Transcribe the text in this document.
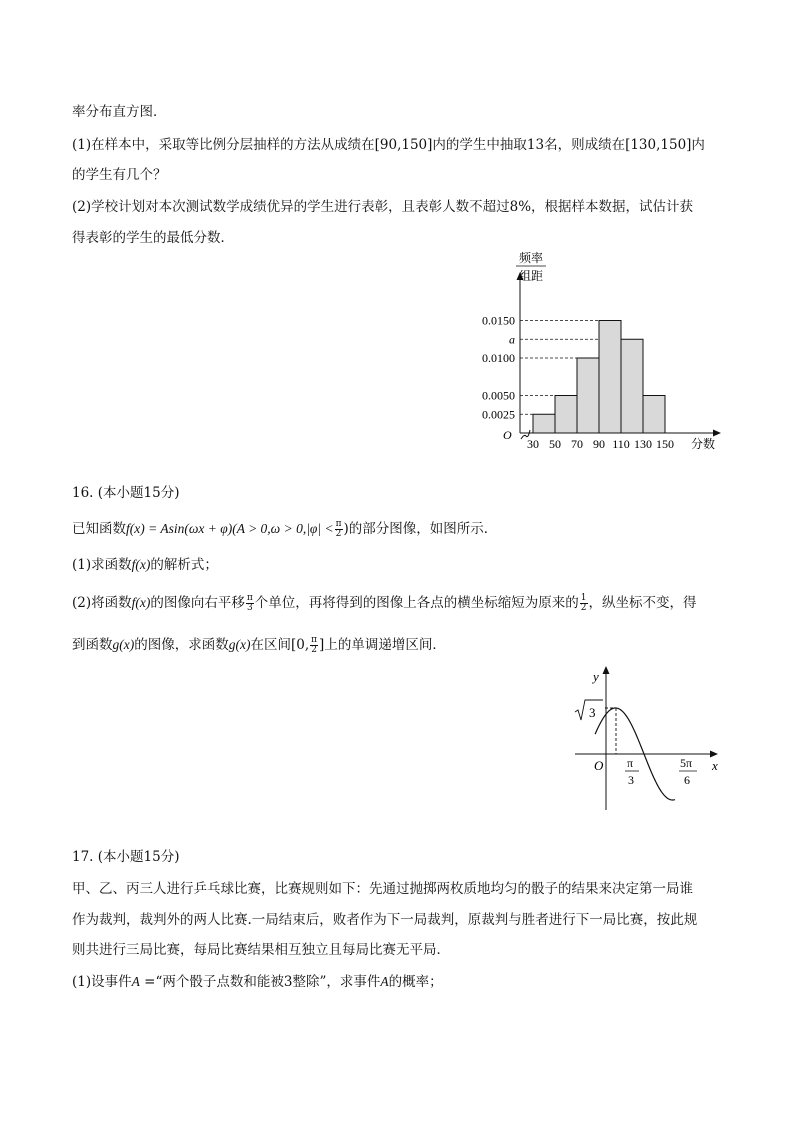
率分布直方图．
(1)在样本中，采取等比例分层抽样的方法从成绩在[90,150]内的学生中抽取13名，则成绩在[130,150]内
的学生有几个？
(2)学校计划对本次测试数学成绩优异的学生进行表彰，且表彰人数不超过8%，根据样本数据，试估计获
得表彰的学生的最低分数．
0.0025
0.0050
0.0100
a
0.0150
30 50 70 90 110 130 150
频率
组距
分数
O
16. (本小题15分)
已知函数$f(x) = Asin(\omega x + \varphi)(A > 0,\omega > 0,|\varphi| < \frac{\pi}{2}$ )的部分图像，如图所示．
(1)求函数f(x)的解析式；
(2)将函数f(x)的图像向右平移 $\frac{\pi}{3}$ 个单位，再将得到的图像上各点的横坐标缩短为原来的 $\frac{1}{2}$ ，纵坐标不变，得
到函数g(x)的图像，求函数g(x)在区间[0, $\frac{\pi}{2}$ ]上的单调递增区间．
y
x
O
3
π
3
5π
6
17. (本小题15分)
甲、乙、丙三人进行乒乓球比赛，比赛规则如下：先通过抛掷两枚质地均匀的骰子的结果来决定第一局谁
作为裁判，裁判外的两人比赛.一局结束后，败者作为下一局裁判，原裁判与胜者进行下一局比赛，按此规
则共进行三局比赛，每局比赛结果相互独立且每局比赛无平局．
(1)设事件A =“两个骰子点数和能被3整除”，求事件A的概率；
